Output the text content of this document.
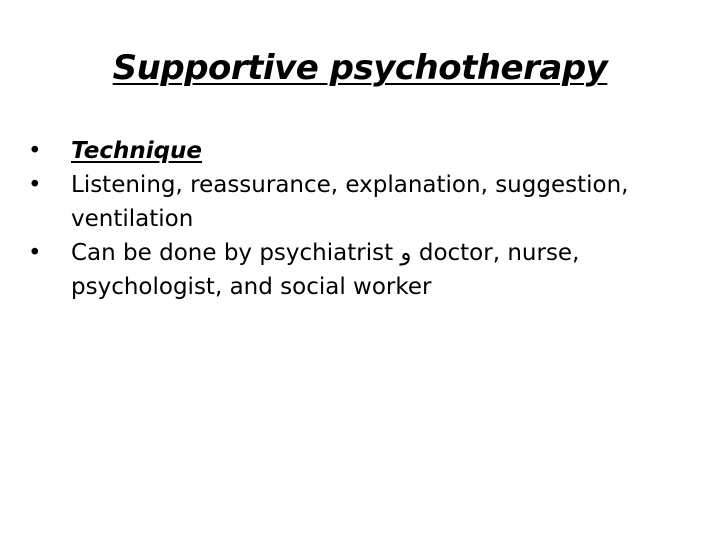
Supportive psychotherapy
• Technique
• Listening, reassurance, explanation, suggestion, ventilation
• Can be done by psychiatrist و doctor, nurse, psychologist, and social worker
